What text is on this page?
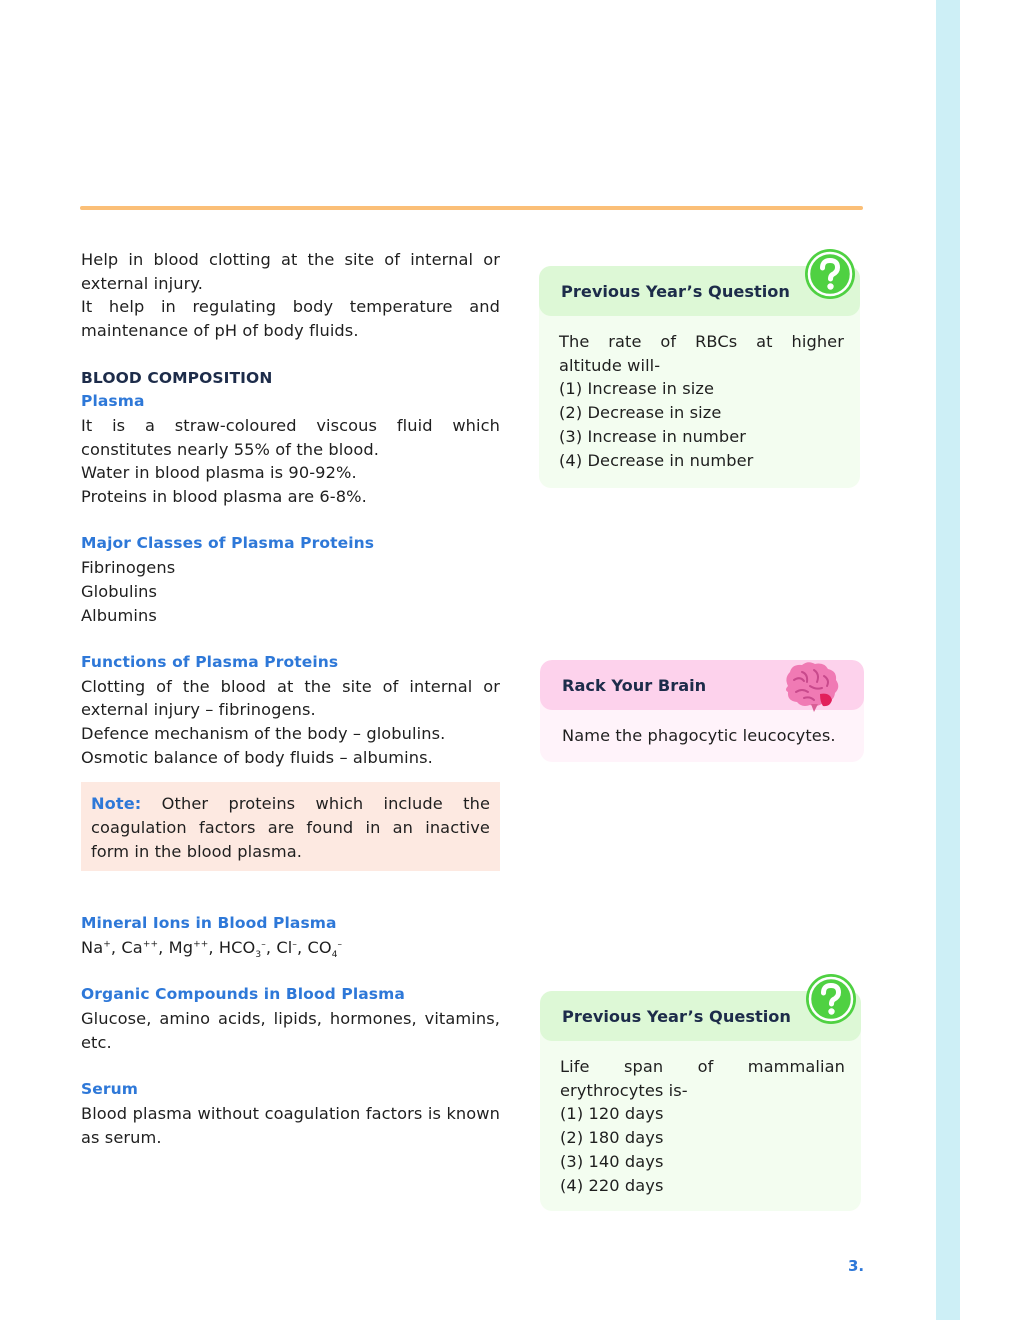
Help in blood clotting at the site of internal or external injury.

It help in regulating body temperature and maintenance of pH of body fluids.

BLOOD COMPOSITION

Plasma

It is a straw-coloured viscous fluid which constitutes nearly 55% of the blood.

Water in blood plasma is 90-92%.

Proteins in blood plasma are 6-8%.

Major Classes of Plasma Proteins

Fibrinogens

Globulins

Albumins

Functions of Plasma Proteins

Clotting of the blood at the site of internal or external injury – fibrinogens.

Defence mechanism of the body – globulins.

Osmotic balance of body fluids – albumins.

Note: Other proteins which include the coagulation factors are found in an inactive form in the blood plasma.

Mineral Ions in Blood Plasma

Na+, Ca++, Mg++, $HCO_3^-$, Cl–, $CO_4^-$

Organic Compounds in Blood Plasma

Glucose, amino acids, lipids, hormones, vitamins, etc.

Serum

Blood plasma without coagulation factors is known as serum.

Previous Year’s Question

The rate of RBCs at higher altitude will-

(1) Increase in size

(2) Decrease in size

(3) Increase in number

(4) Decrease in number

Rack Your Brain

Name the phagocytic leucocytes.

Previous Year’s Question

Life span of mammalian erythrocytes is-

(1) 120 days

(2) 180 days

(3) 140 days

(4) 220 days

3.
